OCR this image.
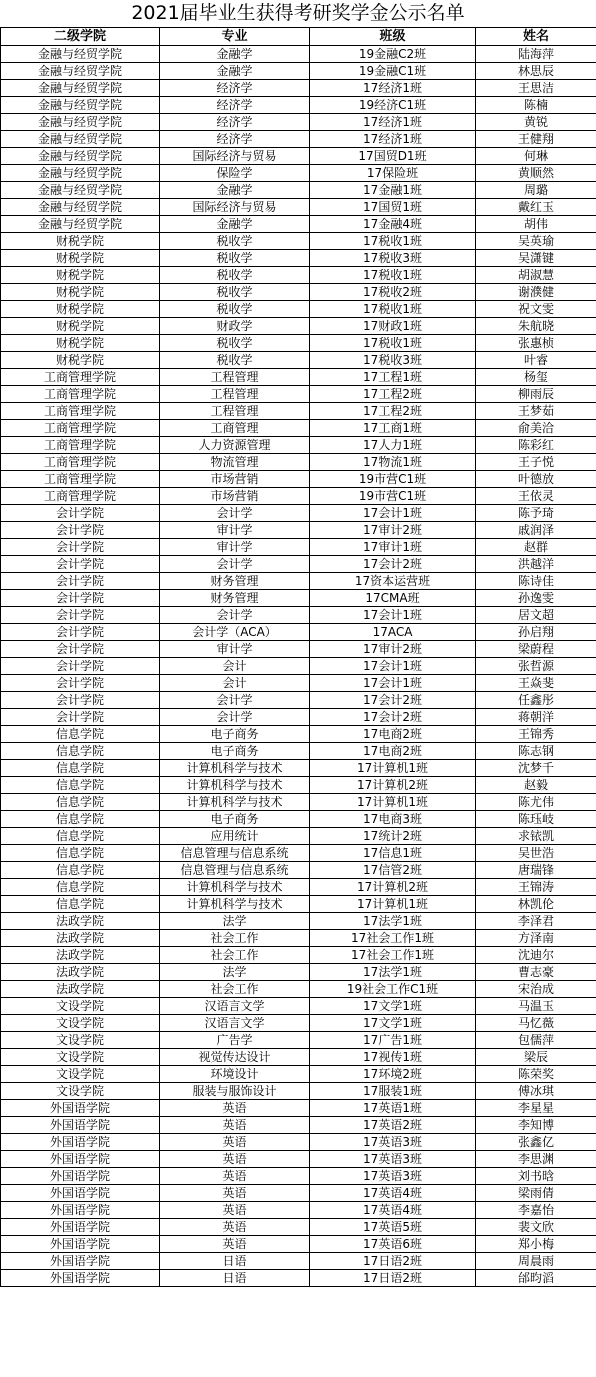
2021届毕业生获得考研奖学金公示名单
二级学院	专业	班级	姓名
金融与经贸学院	金融学	19金融C2班	陆海萍
金融与经贸学院	金融学	19金融C1班	林思辰
金融与经贸学院	经济学	17经济1班	王思洁
金融与经贸学院	经济学	19经济C1班	陈楠
金融与经贸学院	经济学	17经济1班	黄锐
金融与经贸学院	经济学	17经济1班	王健翔
金融与经贸学院	国际经济与贸易	17国贸D1班	何琳
金融与经贸学院	保险学	17保险班	黄顺然
金融与经贸学院	金融学	17金融1班	周璐
金融与经贸学院	国际经济与贸易	17国贸1班	戴红玉
金融与经贸学院	金融学	17金融4班	胡伟
财税学院	税收学	17税收1班	吴英瑜
财税学院	税收学	17税收3班	吴潇键
财税学院	税收学	17税收1班	胡淑慧
财税学院	税收学	17税收2班	谢濮健
财税学院	税收学	17税收1班	祝文雯
财税学院	财政学	17财政1班	朱航晓
财税学院	税收学	17税收1班	张惠桢
财税学院	税收学	17税收3班	叶睿
工商管理学院	工程管理	17工程1班	杨玺
工商管理学院	工程管理	17工程2班	柳雨辰
工商管理学院	工程管理	17工程2班	王梦茹
工商管理学院	工商管理	17工商1班	俞美洽
工商管理学院	人力资源管理	17人力1班	陈彩红
工商管理学院	物流管理	17物流1班	王子悦
工商管理学院	市场营销	19市营C1班	叶德放
工商管理学院	市场营销	19市营C1班	王依灵
会计学院	会计学	17会计1班	陈予琦
会计学院	审计学	17审计2班	戚润泽
会计学院	审计学	17审计1班	赵群
会计学院	会计学	17会计2班	洪越洋
会计学院	财务管理	17资本运营班	陈诗佳
会计学院	财务管理	17CMA班	孙逸雯
会计学院	会计学	17会计1班	居文超
会计学院	会计学（ACA）	17ACA	孙启翔
会计学院	审计学	17审计2班	梁蔚程
会计学院	会计	17会计1班	张哲源
会计学院	会计	17会计1班	王焱斐
会计学院	会计学	17会计2班	任鑫彤
会计学院	会计学	17会计2班	蒋朝洋
信息学院	电子商务	17电商2班	王锦秀
信息学院	电子商务	17电商2班	陈志钢
信息学院	计算机科学与技术	17计算机1班	沈梦千
信息学院	计算机科学与技术	17计算机2班	赵毅
信息学院	计算机科学与技术	17计算机1班	陈尤伟
信息学院	电子商务	17电商3班	陈珏岐
信息学院	应用统计	17统计2班	求铱凯
信息学院	信息管理与信息系统	17信息1班	吴世浩
信息学院	信息管理与信息系统	17信管2班	唐瑞锋
信息学院	计算机科学与技术	17计算机2班	王锦涛
信息学院	计算机科学与技术	17计算机1班	林凯伦
法政学院	法学	17法学1班	李泽君
法政学院	社会工作	17社会工作1班	方泽南
法政学院	社会工作	17社会工作1班	沈迪尔
法政学院	法学	17法学1班	曹志豪
法政学院	社会工作	19社会工作C1班	宋治成
文设学院	汉语言文学	17文学1班	马温玉
文设学院	汉语言文学	17文学1班	马忆薇
文设学院	广告学	17广告1班	包儒萍
文设学院	视觉传达设计	17视传1班	梁辰
文设学院	环境设计	17环境2班	陈荣奖
文设学院	服装与服饰设计	17服装1班	傅冰琪
外国语学院	英语	17英语1班	李星星
外国语学院	英语	17英语2班	李知博
外国语学院	英语	17英语3班	张鑫亿
外国语学院	英语	17英语3班	李思渊
外国语学院	英语	17英语3班	刘书晗
外国语学院	英语	17英语4班	梁雨倩
外国语学院	英语	17英语4班	李嘉怡
外国语学院	英语	17英语5班	裴文欣
外国语学院	英语	17英语6班	郑小梅
外国语学院	日语	17日语2班	周晨雨
外国语学院	日语	17日语2班	邰昀滔
